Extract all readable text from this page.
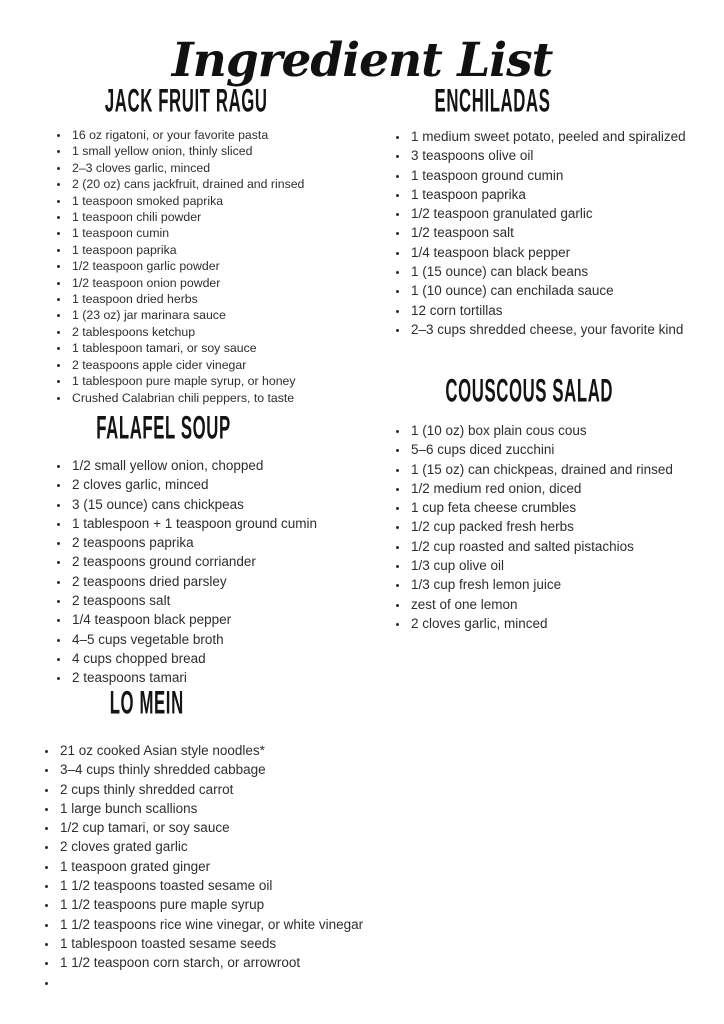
Ingredient List
JACK FRUIT RAGU
• 16 oz rigatoni, or your favorite pasta
• 1 small yellow onion, thinly sliced
• 2–3 cloves garlic, minced
• 2 (20 oz) cans jackfruit, drained and rinsed
• 1 teaspoon smoked paprika
• 1 teaspoon chili powder
• 1 teaspoon cumin
• 1 teaspoon paprika
• 1/2 teaspoon garlic powder
• 1/2 teaspoon onion powder
• 1 teaspoon dried herbs
• 1 (23 oz) jar marinara sauce
• 2 tablespoons ketchup
• 1 tablespoon tamari, or soy sauce
• 2 teaspoons apple cider vinegar
• 1 tablespoon pure maple syrup, or honey
• Crushed Calabrian chili peppers, to taste
ENCHILADAS
• 1 medium sweet potato, peeled and spiralized
• 3 teaspoons olive oil
• 1 teaspoon ground cumin
• 1 teaspoon paprika
• 1/2 teaspoon granulated garlic
• 1/2 teaspoon salt
• 1/4 teaspoon black pepper
• 1 (15 ounce) can black beans
• 1 (10 ounce) can enchilada sauce
• 12 corn tortillas
• 2–3 cups shredded cheese, your favorite kind
COUSCOUS SALAD
• 1 (10 oz) box plain cous cous
• 5–6 cups diced zucchini
• 1 (15 oz) can chickpeas, drained and rinsed
• 1/2 medium red onion, diced
• 1 cup feta cheese crumbles
• 1/2 cup packed fresh herbs
• 1/2 cup roasted and salted pistachios
• 1/3 cup olive oil
• 1/3 cup fresh lemon juice
• zest of one lemon
• 2 cloves garlic, minced
FALAFEL SOUP
• 1/2 small yellow onion, chopped
• 2 cloves garlic, minced
• 3 (15 ounce) cans chickpeas
• 1 tablespoon + 1 teaspoon ground cumin
• 2 teaspoons paprika
• 2 teaspoons ground corriander
• 2 teaspoons dried parsley
• 2 teaspoons salt
• 1/4 teaspoon black pepper
• 4–5 cups vegetable broth
• 4 cups chopped bread
• 2 teaspoons tamari
LO MEIN
• 21 oz cooked Asian style noodles*
• 3–4 cups thinly shredded cabbage
• 2 cups thinly shredded carrot
• 1 large bunch scallions
• 1/2 cup tamari, or soy sauce
• 2 cloves grated garlic
• 1 teaspoon grated ginger
• 1 1/2 teaspoons toasted sesame oil
• 1 1/2 teaspoons pure maple syrup
• 1 1/2 teaspoons rice wine vinegar, or white vinegar
• 1 tablespoon toasted sesame seeds
• 1 1/2 teaspoon corn starch, or arrowroot
•
